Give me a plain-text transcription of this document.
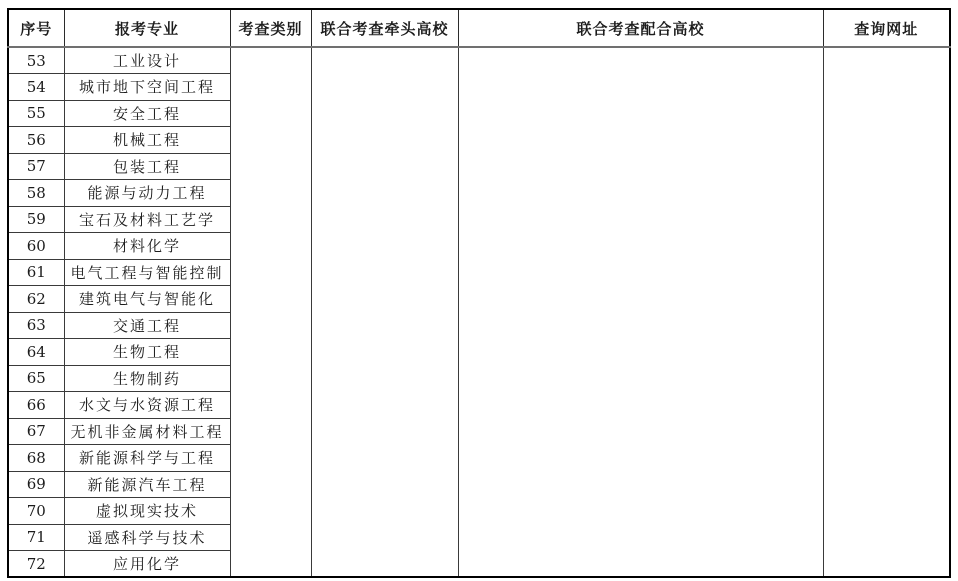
序号	报考专业	考查类别	联合考查牵头高校	联合考查配合高校	查询网址
53	工业设计				
54	城市地下空间工程				
55	安全工程				
56	机械工程				
57	包装工程				
58	能源与动力工程				
59	宝石及材料工艺学				
60	材料化学				
61	电气工程与智能控制				
62	建筑电气与智能化				
63	交通工程				
64	生物工程				
65	生物制药				
66	水文与水资源工程				
67	无机非金属材料工程				
68	新能源科学与工程				
69	新能源汽车工程				
70	虚拟现实技术				
71	遥感科学与技术				
72	应用化学				
